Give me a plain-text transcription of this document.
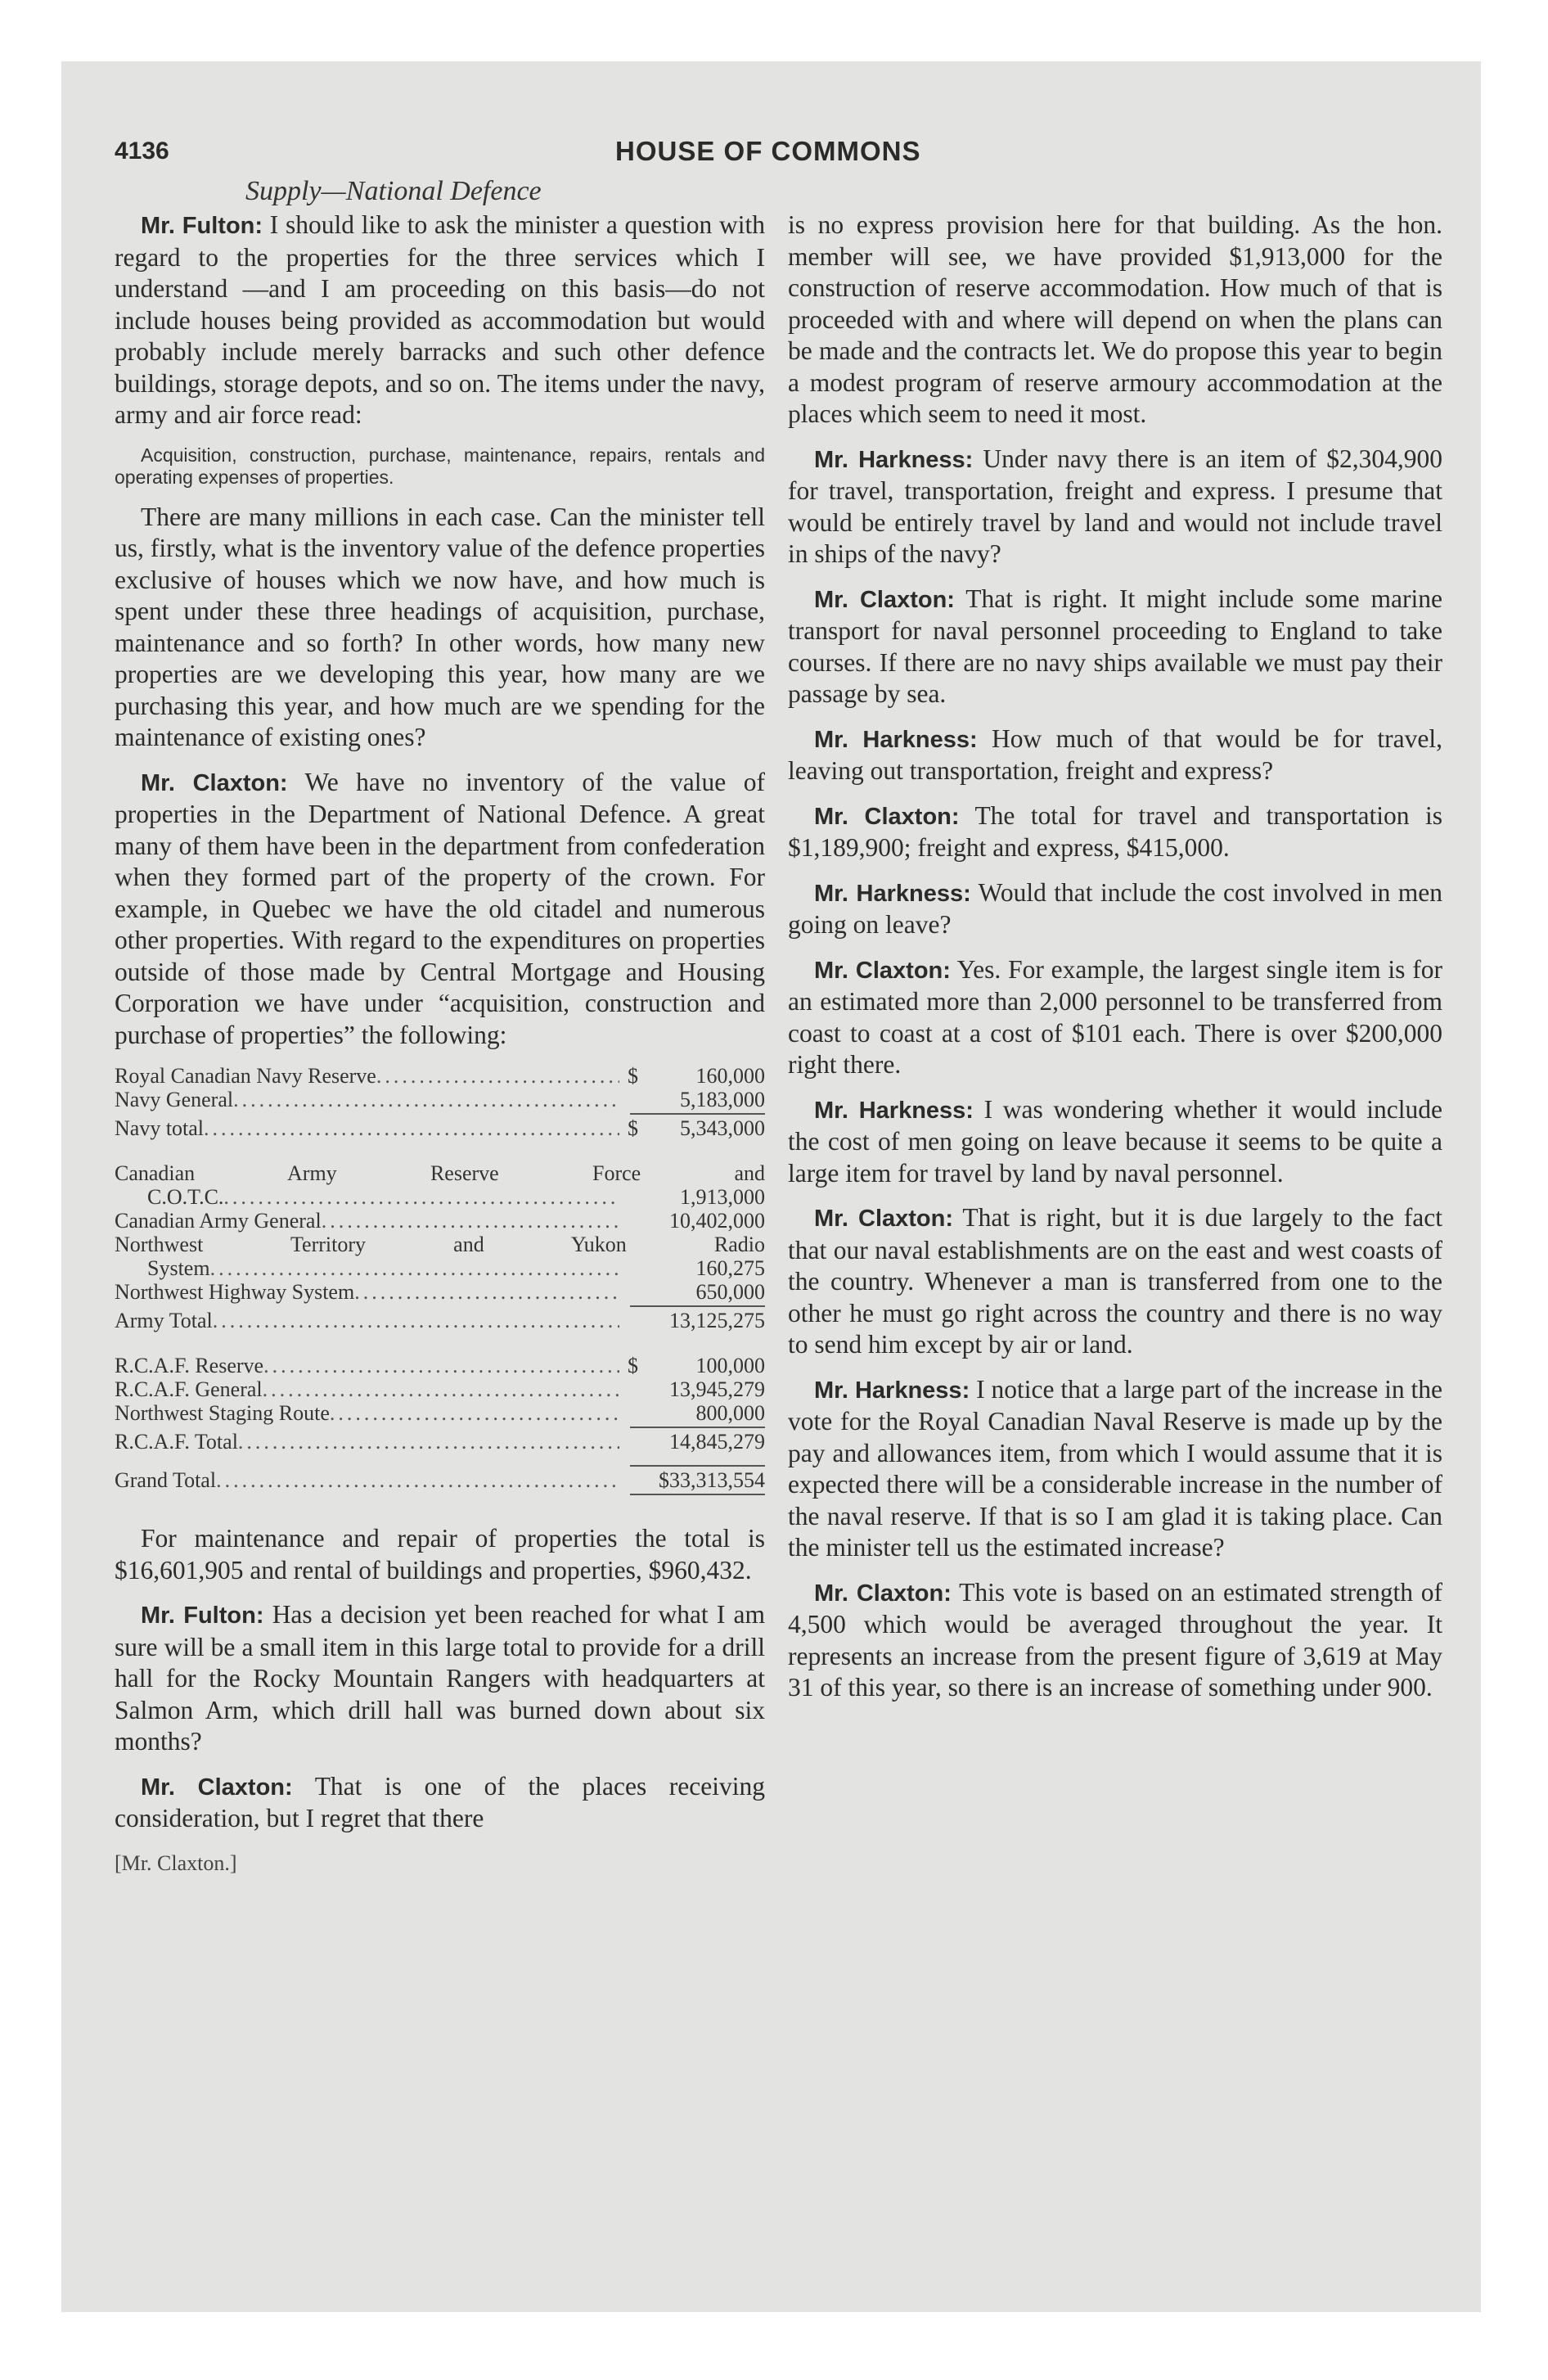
4136	HOUSE OF COMMONS
Supply—National Defence

Mr. Fulton: I should like to ask the minister a question with regard to the properties for the three services which I understand —and I am proceeding on this basis—do not include houses being provided as accommodation but would probably include merely barracks and such other defence buildings, storage depots, and so on. The items under the navy, army and air force read:

Acquisition, construction, purchase, maintenance, repairs, rentals and operating expenses of properties.

There are many millions in each case. Can the minister tell us, firstly, what is the inventory value of the defence properties exclusive of houses which we now have, and how much is spent under these three headings of acquisition, purchase, maintenance and so forth? In other words, how many new properties are we developing this year, how many are we purchasing this year, and how much are we spending for the maintenance of existing ones?

Mr. Claxton: We have no inventory of the value of properties in the Department of National Defence. A great many of them have been in the department from confederation when they formed part of the property of the crown. For example, in Quebec we have the old citadel and numerous other properties. With regard to the expenditures on properties outside of those made by Central Mortgage and Housing Corporation we have under “acquisition, construction and purchase of properties” the following:

Royal Canadian Navy Reserve .....	$	160,000
Navy General .....	5,183,000
Navy total .....	$	5,343,000
Canadian Army Reserve Force and
C.O.T.C. .....	1,913,000
Canadian Army General .....	10,402,000
Northwest Territory and Yukon Radio
System .....	160,275
Northwest Highway System .....	650,000
Army Total .....	13,125,275
R.C.A.F. Reserve .....	$	100,000
R.C.A.F. General .....	13,945,279
Northwest Staging Route .....	800,000
R.C.A.F. Total .....	14,845,279
Grand Total .....	$33,313,554

For maintenance and repair of properties the total is $16,601,905 and rental of buildings and properties, $960,432.

Mr. Fulton: Has a decision yet been reached for what I am sure will be a small item in this large total to provide for a drill hall for the Rocky Mountain Rangers with headquarters at Salmon Arm, which drill hall was burned down about six months?

Mr. Claxton: That is one of the places receiving consideration, but I regret that there

[Mr. Claxton.]

is no express provision here for that building. As the hon. member will see, we have provided $1,913,000 for the construction of reserve accommodation. How much of that is proceeded with and where will depend on when the plans can be made and the contracts let. We do propose this year to begin a modest program of reserve armoury accommodation at the places which seem to need it most.

Mr. Harkness: Under navy there is an item of $2,304,900 for travel, transportation, freight and express. I presume that would be entirely travel by land and would not include travel in ships of the navy?

Mr. Claxton: That is right. It might include some marine transport for naval personnel proceeding to England to take courses. If there are no navy ships available we must pay their passage by sea.

Mr. Harkness: How much of that would be for travel, leaving out transportation, freight and express?

Mr. Claxton: The total for travel and transportation is $1,189,900; freight and express, $415,000.

Mr. Harkness: Would that include the cost involved in men going on leave?

Mr. Claxton: Yes. For example, the largest single item is for an estimated more than 2,000 personnel to be transferred from coast to coast at a cost of $101 each. There is over $200,000 right there.

Mr. Harkness: I was wondering whether it would include the cost of men going on leave because it seems to be quite a large item for travel by land by naval personnel.

Mr. Claxton: That is right, but it is due largely to the fact that our naval establishments are on the east and west coasts of the country. Whenever a man is transferred from one to the other he must go right across the country and there is no way to send him except by air or land.

Mr. Harkness: I notice that a large part of the increase in the vote for the Royal Canadian Naval Reserve is made up by the pay and allowances item, from which I would assume that it is expected there will be a considerable increase in the number of the naval reserve. If that is so I am glad it is taking place. Can the minister tell us the estimated increase?

Mr. Claxton: This vote is based on an estimated strength of 4,500 which would be averaged throughout the year. It represents an increase from the present figure of 3,619 at May 31 of this year, so there is an increase of something under 900.
